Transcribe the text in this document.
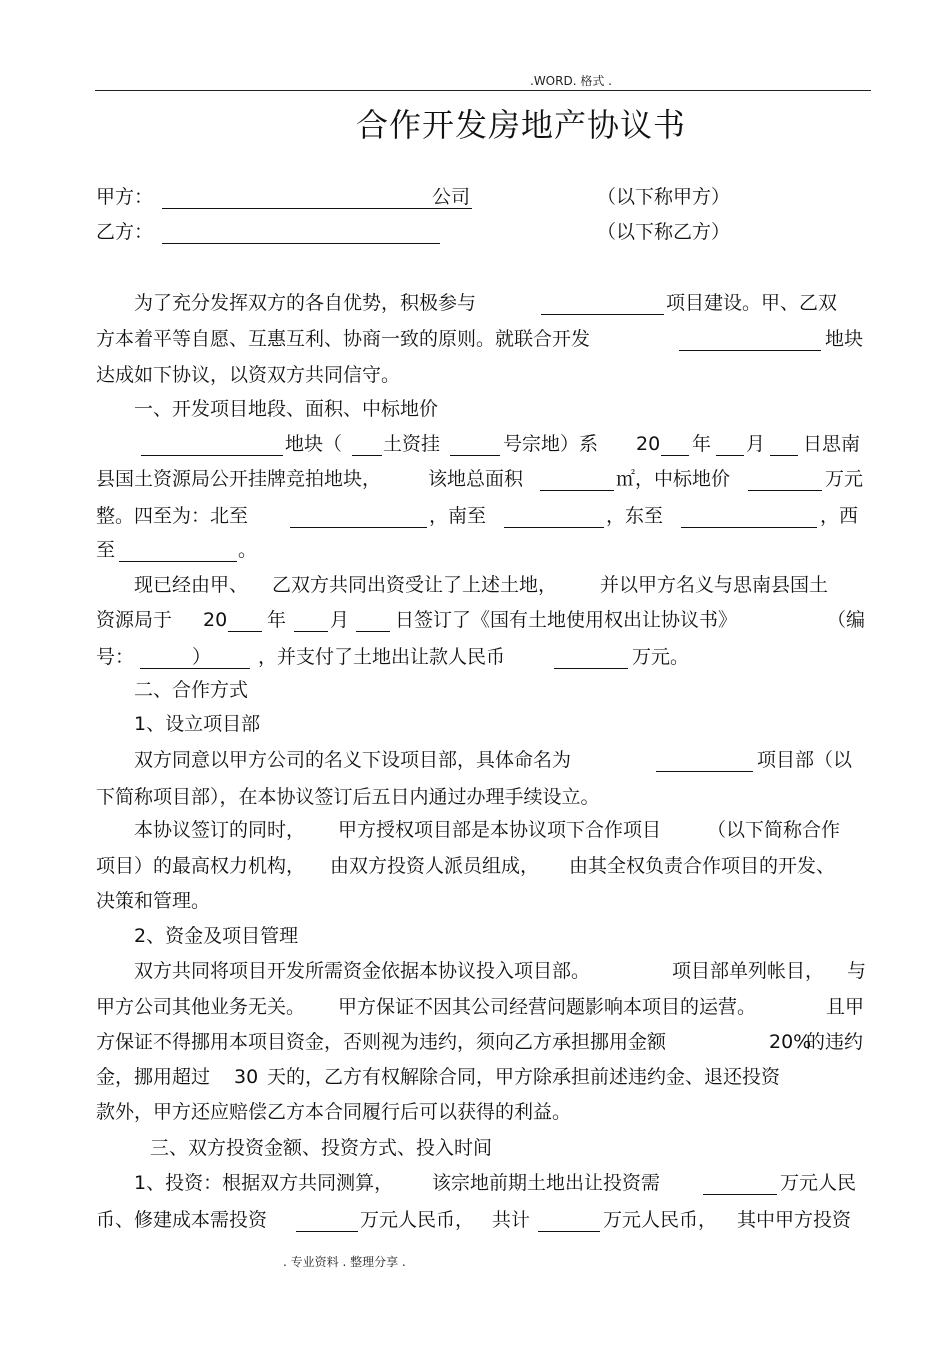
.WORD. 格式 .
合作开发房地产协议书
甲方：	公司	（以下称甲方）
乙方：	（以下称乙方）
为了充分发挥双方的各自优势，积极参与	项目建设。甲、乙双
方本着平等自愿、互惠互利、协商一致的原则。就联合开发	地块
达成如下协议，以资双方共同信守。
一、开发项目地段、面积、中标地价
地块（ 土资挂	号宗地）系 20 年 月 日思南
县国土资源局公开挂牌竞拍地块， 该地总面积	㎡，中标地价	万元
整。四至为：北至	，南至	，东至	，西
至	。
现已经由甲、 乙双方共同出资受让了上述土地， 并以甲方名义与思南县国土
资源局于 20 年 月 日签订了《国有土地使用权出让协议书》	（编
号：	） ，并支付了土地出让款人民币	万元。
二、合作方式
1、设立项目部
双方同意以甲方公司的名义下设项目部，具体命名为	项目部（以
下简称项目部），在本协议签订后五日内通过办理手续设立。
本协议签订的同时， 甲方授权项目部是本协议项下合作项目 （以下简称合作
项目）的最高权力机构， 由双方投资人派员组成， 由其全权负责合作项目的开发、
决策和管理。
2、资金及项目管理
双方共同将项目开发所需资金依据本协议投入项目部。	项目部单列帐目， 与
甲方公司其他业务无关。 甲方保证不因其公司经营问题影响本项目的运营。	且甲
方保证不得挪用本项目资金，否则视为违约，须向乙方承担挪用金额	20%
的违约
金，挪用超过 30 天的，乙方有权解除合同，甲方除承担前述违约金、退还投资
款外，甲方还应赔偿乙方本合同履行后可以获得的利益。
三、双方投资金额、投资方式、投入时间
1、投资：根据双方共同测算， 该宗地前期土地出让投资需	万元人民
币、修建成本需投资	万元人民币， 共计	万元人民币， 其中甲方投资
. 专业资料 . 整理分享 .
